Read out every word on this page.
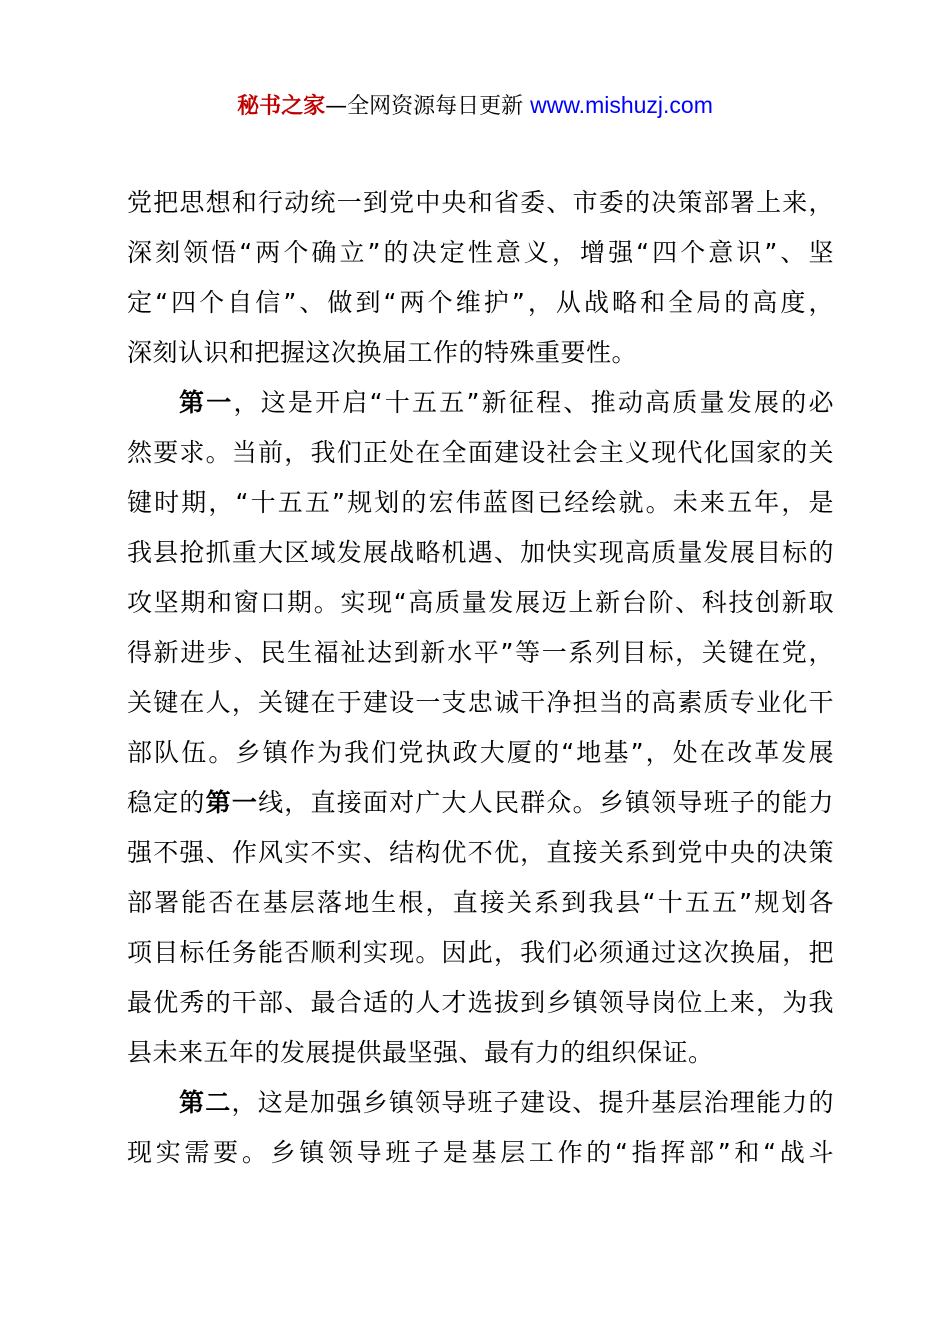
秘书之家—全网资源每日更新 www.mishuzj.com
党把思想和行动统一到党中央和省委、市委的决策部署上来，
深刻领悟“两个确立”的决定性意义，增强“四个意识”、坚
定“四个自信”、做到“两个维护”，从战略和全局的高度，
深刻认识和把握这次换届工作的特殊重要性。
第一，这是开启“十五五”新征程、推动高质量发展的必
然要求。当前，我们正处在全面建设社会主义现代化国家的关
键时期，“十五五”规划的宏伟蓝图已经绘就。未来五年，是
我县抢抓重大区域发展战略机遇、加快实现高质量发展目标的
攻坚期和窗口期。实现“高质量发展迈上新台阶、科技创新取
得新进步、民生福祉达到新水平”等一系列目标，关键在党，
关键在人，关键在于建设一支忠诚干净担当的高素质专业化干
部队伍。乡镇作为我们党执政大厦的“地基”，处在改革发展
稳定的第一线，直接面对广大人民群众。乡镇领导班子的能力
强不强、作风实不实、结构优不优，直接关系到党中央的决策
部署能否在基层落地生根，直接关系到我县“十五五”规划各
项目标任务能否顺利实现。因此，我们必须通过这次换届，把
最优秀的干部、最合适的人才选拔到乡镇领导岗位上来，为我
县未来五年的发展提供最坚强、最有力的组织保证。
第二，这是加强乡镇领导班子建设、提升基层治理能力的
现实需要。乡镇领导班子是基层工作的“指挥部”和“战斗
